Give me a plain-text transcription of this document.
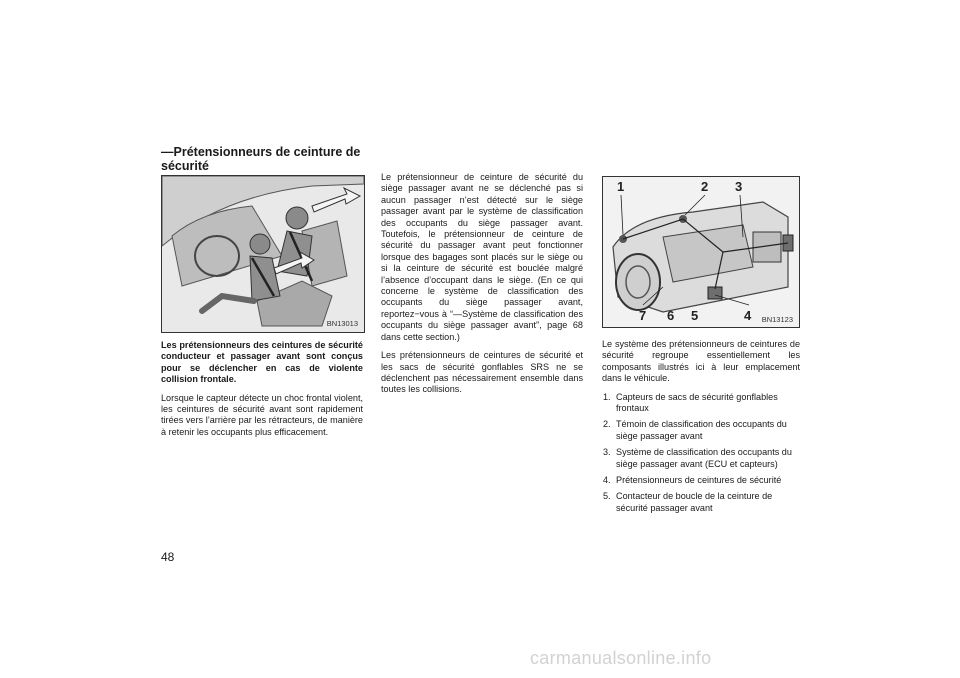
—Prétensionneurs de ceinture de sécurité
BN13013

Les prétensionneurs des ceintures de sécurité conducteur et passager avant sont conçus pour se déclencher en cas de violente collision frontale.

Lorsque le capteur détecte un choc frontal violent, les ceintures de sécurité avant sont rapidement tirées vers l’arrière par les rétracteurs, de manière à retenir les occupants plus efficacement.

Le prétensionneur de ceinture de sécurité du siège passager avant ne se déclenché pas si aucun passager n’est détecté sur le siège passager avant par le système de classification des occupants du siège passager avant. Toutefois, le prétensionneur de ceinture de sécurité du passager avant peut fonctionner lorsque des bagages sont placés sur le siège ou si la ceinture de sécurité est bouclée malgré l’absence d’occupant dans le siège. (En ce qui concerne le système de classification des occupants du siège passager avant, reportez−vous à “—Système de classification des occupants du siège passager avant”, page 68 dans cette section.)

Les prétensionneurs de ceintures de sécurité et les sacs de sécurité gonflables SRS ne se déclenchent pas nécessairement ensemble dans toutes les collisions.

1	2 3
7 6 5	4 BN13123

Le système des prétensionneurs de ceintures de sécurité regroupe essentiellement les composants illustrés ici à leur emplacement dans le véhicule.

1. Capteurs de sacs de sécurité gonflables frontaux
2. Témoin de classification des occupants du siège passager avant
3. Système de classification des occupants du siège passager avant (ECU et capteurs)
4. Prétensionneurs de ceintures de sécurité
5. Contacteur de boucle de la ceinture de sécurité passager avant
48
carmanualsonline.info
